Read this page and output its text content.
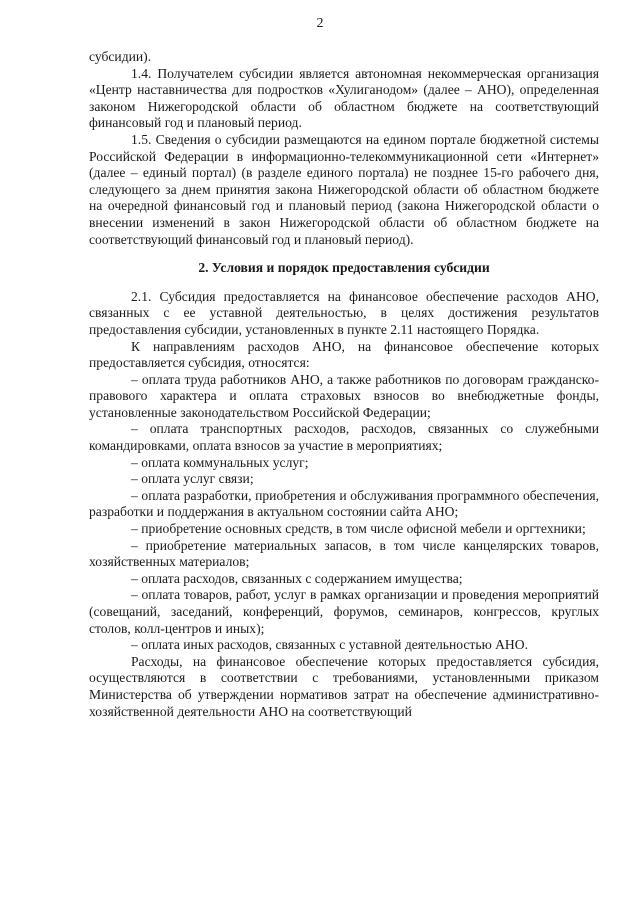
2

субсидии).

1.4. Получателем субсидии является автономная некоммерческая организация «Центр наставничества для подростков «Хулиганодом» (далее – АНО), определенная законом Нижегородской области об областном бюджете на соответствующий финансовый год и плановый период.

1.5. Сведения о субсидии размещаются на едином портале бюджетной системы Российской Федерации в информационно-телекоммуникационной сети «Интернет» (далее – единый портал) (в разделе единого портала) не позднее 15-го рабочего дня, следующего за днем принятия закона Нижегородской области об областном бюджете на очередной финансовый год и плановый период (закона Нижегородской области о внесении изменений в закон Нижегородской области об областном бюджете на соответствующий финансовый год и плановый период).

2. Условия и порядок предоставления субсидии

2.1. Субсидия предоставляется на финансовое обеспечение расходов АНО, связанных с ее уставной деятельностью, в целях достижения результатов предоставления субсидии, установленных в пункте 2.11 настоящего Порядка.

К направлениям расходов АНО, на финансовое обеспечение которых предоставляется субсидия, относятся:

– оплата труда работников АНО, а также работников по договорам гражданско-правового характера и оплата страховых взносов во внебюджетные фонды, установленные законодательством Российской Федерации;

– оплата транспортных расходов, расходов, связанных со служебными командировками, оплата взносов за участие в мероприятиях;

– оплата коммунальных услуг;

– оплата услуг связи;

– оплата разработки, приобретения и обслуживания программного обеспечения, разработки и поддержания в актуальном состоянии сайта АНО;

– приобретение основных средств, в том числе офисной мебели и оргтехники;

– приобретение материальных запасов, в том числе канцелярских товаров, хозяйственных материалов;

– оплата расходов, связанных с содержанием имущества;

– оплата товаров, работ, услуг в рамках организации и проведения мероприятий (совещаний, заседаний, конференций, форумов, семинаров, конгрессов, круглых столов, колл-центров и иных);

– оплата иных расходов, связанных с уставной деятельностью АНО.

Расходы, на финансовое обеспечение которых предоставляется субсидия, осуществляются в соответствии с требованиями, установленными приказом Министерства об утверждении нормативов затрат на обеспечение административно-хозяйственной деятельности АНО на соответствующий
